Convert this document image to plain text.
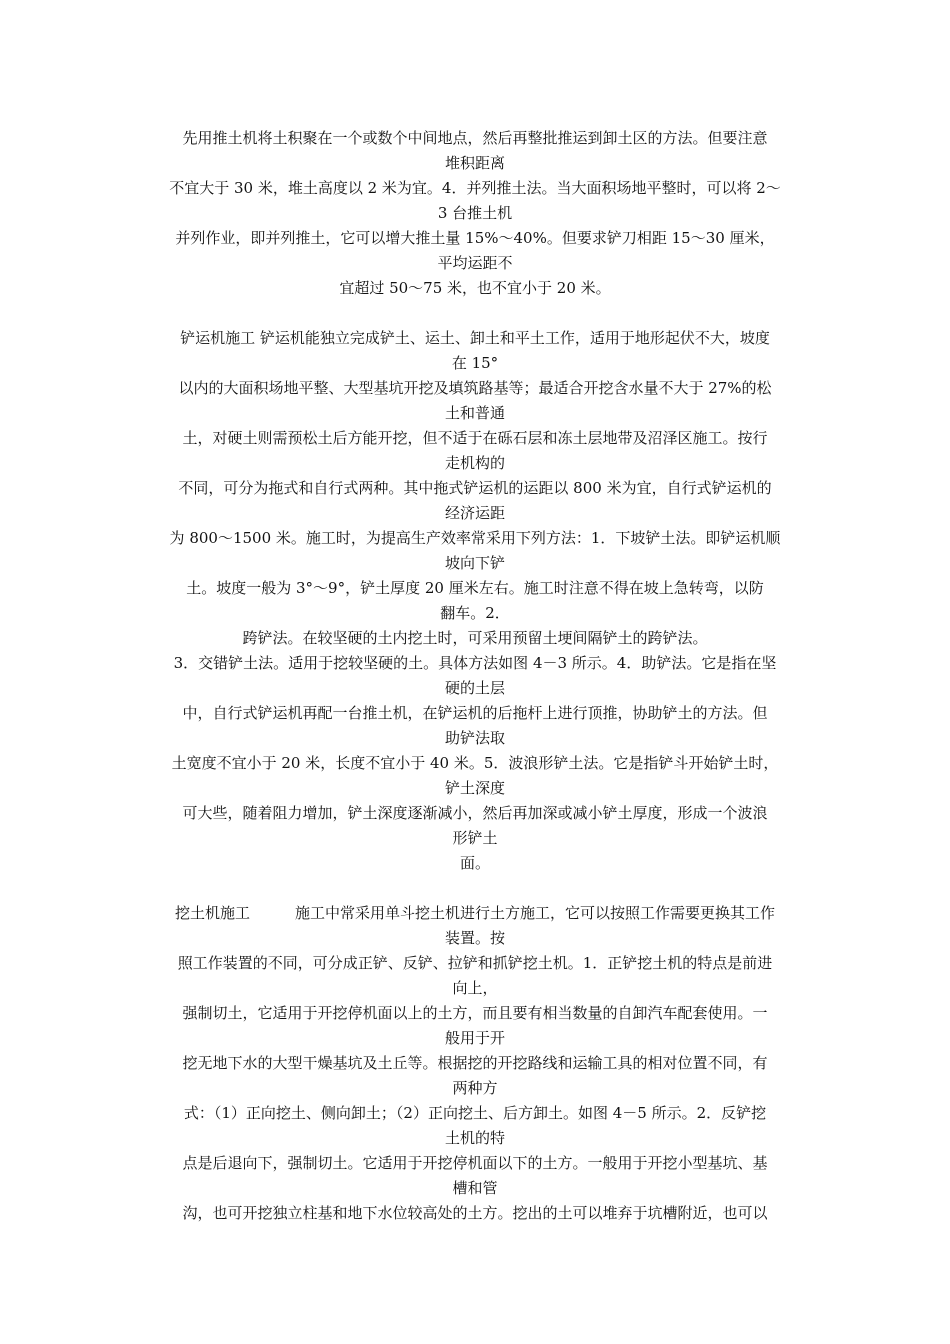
先用推土机将土积聚在一个或数个中间地点，然后再整批推运到卸土区的方法。但要注意
堆积距离
不宜大于 30 米，堆土高度以 2 米为宜。4．并列推土法。当大面积场地平整时，可以将 2～
3 台推土机
并列作业，即并列推土，它可以增大推土量 15%～40%。但要求铲刀相距 15～30 厘米，
平均运距不
宜超过 50～75 米，也不宜小于 20 米。
铲运机施工 铲运机能独立完成铲土、运土、卸土和平土工作，适用于地形起伏不大，坡度
在 15°
以内的大面积场地平整、大型基坑开挖及填筑路基等；最适合开挖含水量不大于 27%的松
土和普通
土，对硬土则需预松土后方能开挖，但不适于在砾石层和冻土层地带及沼泽区施工。按行
走机构的
不同，可分为拖式和自行式两种。其中拖式铲运机的运距以 800 米为宜，自行式铲运机的
经济运距
为 800～1500 米。施工时，为提高生产效率常采用下列方法：1．下坡铲土法。即铲运机顺
坡向下铲
土。坡度一般为 3°～9°，铲土厚度 20 厘米左右。施工时注意不得在坡上急转弯，以防
翻车。2．
跨铲法。在较坚硬的土内挖土时，可采用预留土埂间隔铲土的跨铲法。
3．交错铲土法。适用于挖较坚硬的土。具体方法如图 4－3 所示。4．助铲法。它是指在坚
硬的土层
中，自行式铲运机再配一台推土机，在铲运机的后拖杆上进行顶推，协助铲土的方法。但
助铲法取
土宽度不宜小于 20 米，长度不宜小于 40 米。5．波浪形铲土法。它是指铲斗开始铲土时，
铲土深度
可大些，随着阻力增加，铲土深度逐渐减小，然后再加深或减小铲土厚度，形成一个波浪
形铲土
面。
挖土机施工　　　施工中常采用单斗挖土机进行土方施工，它可以按照工作需要更换其工作
装置。按
照工作装置的不同，可分成正铲、反铲、拉铲和抓铲挖土机。1．正铲挖土机的特点是前进
向上，
强制切土，它适用于开挖停机面以上的土方，而且要有相当数量的自卸汽车配套使用。一
般用于开
挖无地下水的大型干燥基坑及土丘等。根据挖的开挖路线和运输工具的相对位置不同，有
两种方
式：（1）正向挖土、侧向卸土；（2）正向挖土、后方卸土。如图 4－5 所示。2．反铲挖
土机的特
点是后退向下，强制切土。它适用于开挖停机面以下的土方。一般用于开挖小型基坑、基
槽和管
沟，也可开挖独立柱基和地下水位较高处的土方。挖出的土可以堆弃于坑槽附近，也可以
